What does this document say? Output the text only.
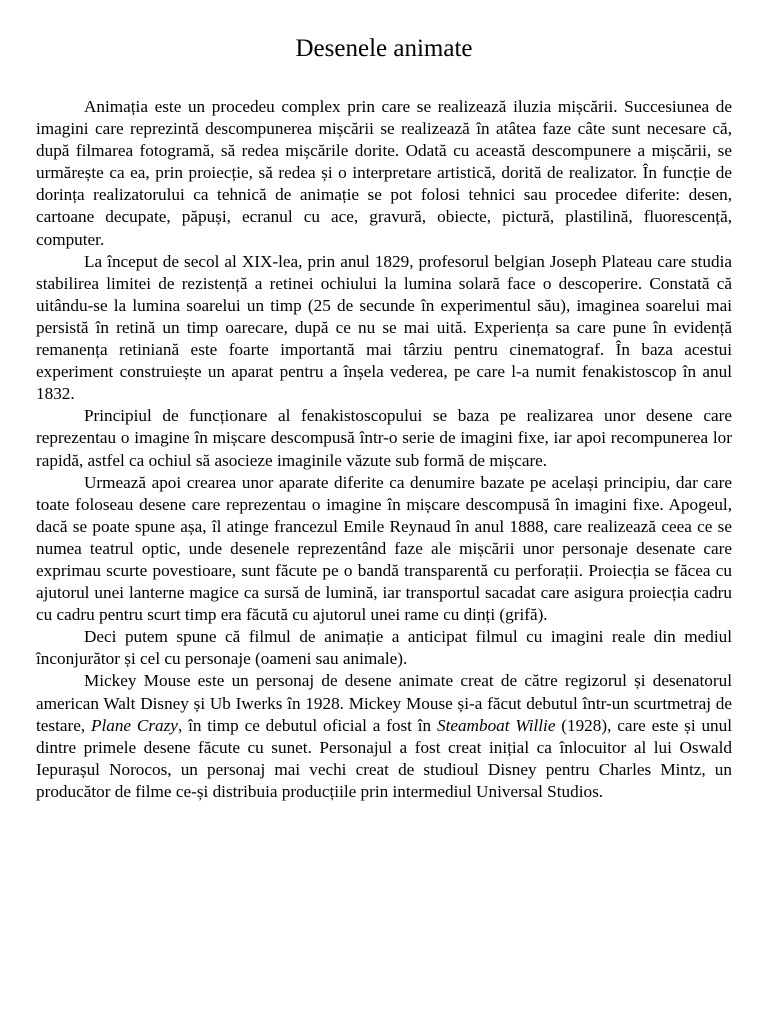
Desenele animate

Animația este un procedeu complex prin care se realizează iluzia mișcării. Succesiunea de imagini care reprezintă descompunerea mișcării se realizează în atâtea faze câte sunt necesare că, după filmarea fotogramă, să redea mișcările dorite. Odată cu această descompunere a mișcării, se urmărește ca ea, prin proiecție, să redea și o interpretare artistică, dorită de realizator. În funcție de dorința realizatorului ca tehnică de animație se pot folosi tehnici sau procedee diferite: desen, cartoane decupate, păpuși, ecranul cu ace, gravură, obiecte, pictură, plastilină, fluorescență, computer.

La început de secol al XIX-lea, prin anul 1829, profesorul belgian Joseph Plateau care studia stabilirea limitei de rezistență a retinei ochiului la lumina solară face o descoperire. Constată că uitându-se la lumina soarelui un timp (25 de secunde în experimentul său), imaginea soarelui mai persistă în retină un timp oarecare, după ce nu se mai uită. Experiența sa care pune în evidență remanența retiniană este foarte importantă mai târziu pentru cinematograf. În baza acestui experiment construiește un aparat pentru a înșela vederea, pe care l-a numit fenakistoscop în anul 1832.

Principiul de funcționare al fenakistoscopului se baza pe realizarea unor desene care reprezentau o imagine în mișcare descompusă într-o serie de imagini fixe, iar apoi recompunerea lor rapidă, astfel ca ochiul să asocieze imaginile văzute sub formă de mișcare.

Urmează apoi crearea unor aparate diferite ca denumire bazate pe același principiu, dar care toate foloseau desene care reprezentau o imagine în mișcare descompusă în imagini fixe. Apogeul, dacă se poate spune așa, îl atinge francezul Emile Reynaud în anul 1888, care realizează ceea ce se numea teatrul optic, unde desenele reprezentând faze ale mișcării unor personaje desenate care exprimau scurte povestioare, sunt făcute pe o bandă transparentă cu perforații. Proiecția se făcea cu ajutorul unei lanterne magice ca sursă de lumină, iar transportul sacadat care asigura proiecția cadru cu cadru pentru scurt timp era făcută cu ajutorul unei rame cu dinți (grifă).

Deci putem spune că filmul de animație a anticipat filmul cu imagini reale din mediul înconjurător și cel cu personaje (oameni sau animale).

Mickey Mouse este un personaj de desene animate creat de către regizorul și desenatorul american Walt Disney și Ub Iwerks în 1928. Mickey Mouse și-a făcut debutul într-un scurtmetraj de testare, Plane Crazy, în timp ce debutul oficial a fost în Steamboat Willie (1928), care este și unul dintre primele desene făcute cu sunet. Personajul a fost creat inițial ca înlocuitor al lui Oswald Iepurașul Norocos, un personaj mai vechi creat de studioul Disney pentru Charles Mintz, un producător de filme ce-și distribuia producțiile prin intermediul Universal Studios.
